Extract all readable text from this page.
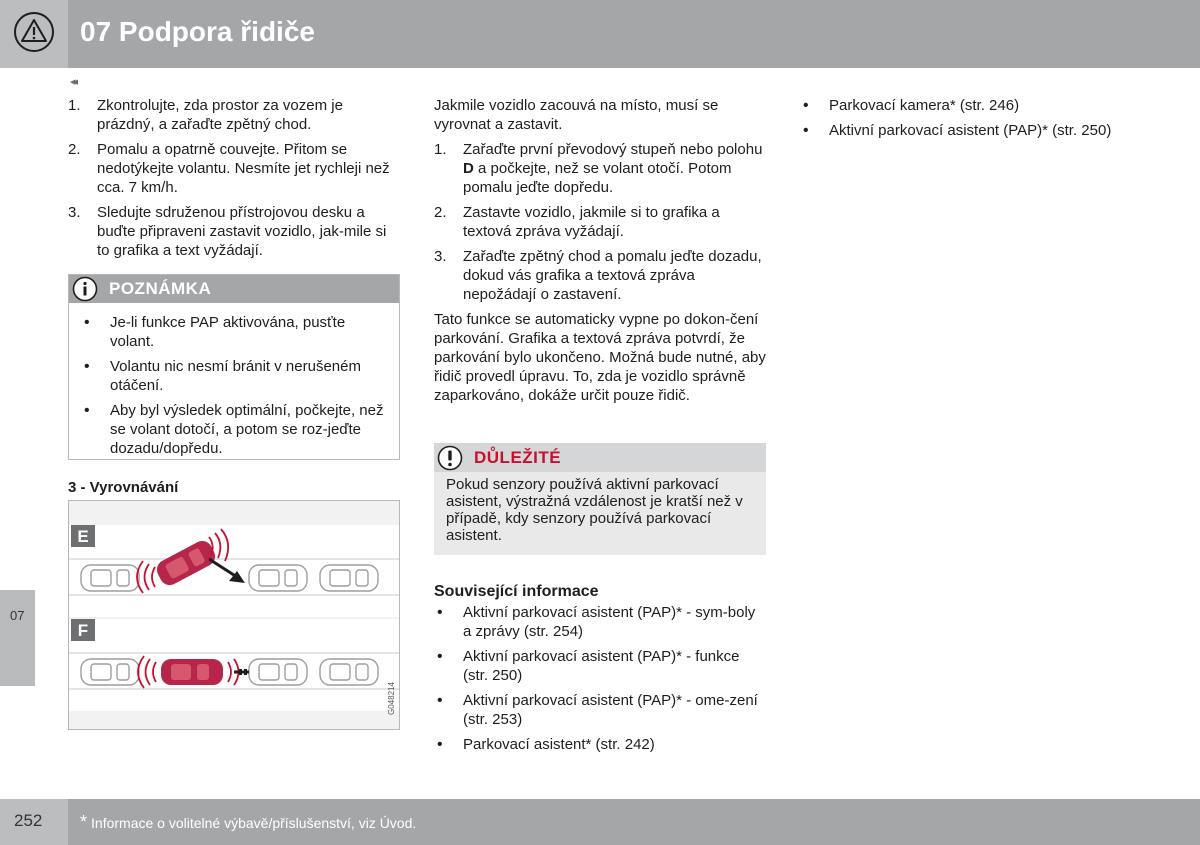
07 Podpora řidiče
◂◂
07
1. Zkontrolujte, zda prostor za vozem je prázdný, a zařaďte zpětný chod.
2. Pomalu a opatrně couvejte. Přitom se nedotýkejte volantu. Nesmíte jet rychleji než cca. 7 km/h.
3. Sledujte sdruženou přístrojovou desku a buďte připraveni zastavit vozidlo, jak-mile si to grafika a text vyžádají.
POZNÁMKA
• Je-li funkce PAP aktivována, pusťte volant.
• Volantu nic nesmí bránit v nerušeném otáčení.
• Aby byl výsledek optimální, počkejte, než se volant dotočí, a potom se roz-jeďte dozadu/dopředu.
3 - Vyrovnávání
E
F
G048214

Jakmile vozidlo zacouvá na místo, musí se vyrovnat a zastavit.

1. Zařaďte první převodový stupeň nebo polohu D a počkejte, než se volant otočí. Potom pomalu jeďte dopředu.
2. Zastavte vozidlo, jakmile si to grafika a textová zpráva vyžádají.
3. Zařaďte zpětný chod a pomalu jeďte dozadu, dokud vás grafika a textová zpráva nepožádají o zastavení.

Tato funkce se automaticky vypne po dokon-čení parkování. Grafika a textová zpráva potvrdí, že parkování bylo ukončeno. Možná bude nutné, aby řidič provedl úpravu. To, zda je vozidlo správně zaparkováno, dokáže určit pouze řidič.

DŮLEŽITÉ
Pokud senzory používá aktivní parkovací asistent, výstražná vzdálenost je kratší než v případě, kdy senzory používá parkovací asistent.
Související informace
• Aktivní parkovací asistent (PAP)* - sym-boly a zprávy (str. 254)
• Aktivní parkovací asistent (PAP)* - funkce (str. 250)
• Aktivní parkovací asistent (PAP)* - ome-zení (str. 253)
• Parkovací asistent* (str. 242)
• Parkovací kamera* (str. 246)
• Aktivní parkovací asistent (PAP)* (str. 250)
252 * Informace o volitelné výbavě/příslušenství, viz Úvod.
